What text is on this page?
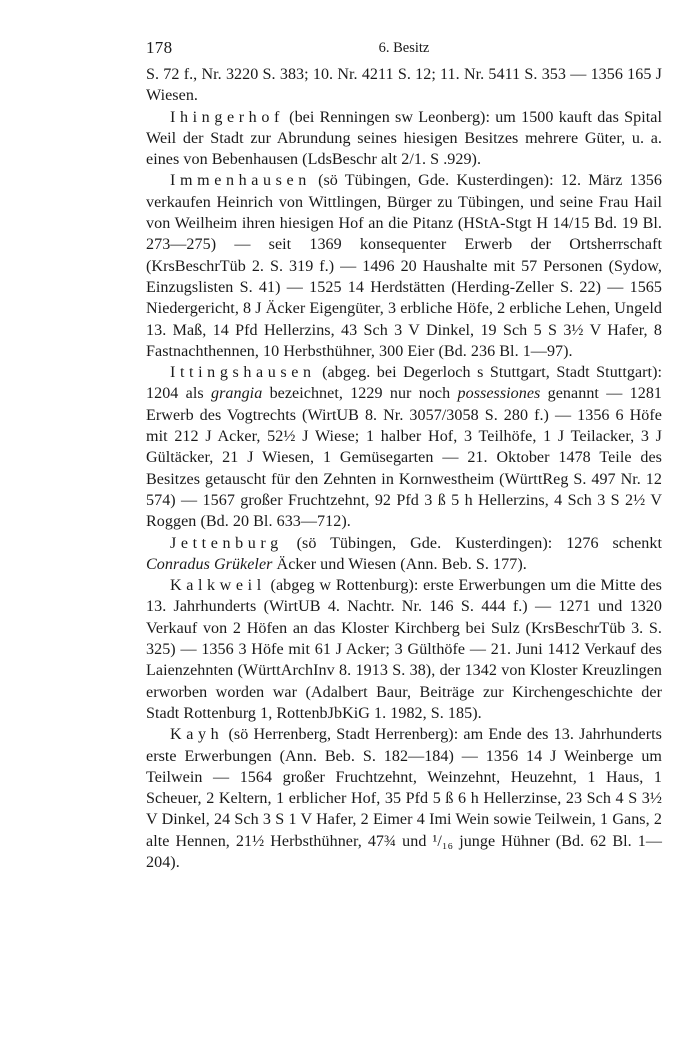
178	6. Besitz

S. 72 f., Nr. 3220 S. 383; 10. Nr. 4211 S. 12; 11. Nr. 5411 S. 353 — 1356 165 J Wiesen.

Ihingerhof (bei Renningen sw Leonberg): um 1500 kauft das Spital Weil der Stadt zur Abrundung seines hiesigen Besitzes mehrere Güter, u. a. eines von Bebenhausen (LdsBeschr alt 2/1. S .929).

Immenhausen (sö Tübingen, Gde. Kusterdingen): 12. März 1356 verkaufen Heinrich von Wittlingen, Bürger zu Tübingen, und seine Frau Hail von Weilheim ihren hiesigen Hof an die Pitanz (HStA-Stgt H 14/15 Bd. 19 Bl. 273—275) — seit 1369 konsequenter Erwerb der Ortsherrschaft (KrsBeschrTüb 2. S. 319 f.) — 1496 20 Haushalte mit 57 Personen (Sydow, Einzugslisten S. 41) — 1525 14 Herdstätten (Herding-Zeller S. 22) — 1565 Niedergericht, 8 J Äcker Eigengüter, 3 erbliche Höfe, 2 erbliche Lehen, Ungeld 13. Maß, 14 Pfd Hellerzins, 43 Sch 3 V Dinkel, 19 Sch 5 S 3½ V Hafer, 8 Fastnachthennen, 10 Herbsthühner, 300 Eier (Bd. 236 Bl. 1—97).

Ittingshausen (abgeg. bei Degerloch s Stuttgart, Stadt Stuttgart): 1204 als grangia bezeichnet, 1229 nur noch possessiones genannt — 1281 Erwerb des Vogtrechts (WirtUB 8. Nr. 3057/3058 S. 280 f.) — 1356 6 Höfe mit 212 J Acker, 52½ J Wiese; 1 halber Hof, 3 Teilhöfe, 1 J Teilacker, 3 J Gültäcker, 21 J Wiesen, 1 Gemüsegarten — 21. Oktober 1478 Teile des Besitzes getauscht für den Zehnten in Kornwestheim (WürttReg S. 497 Nr. 12 574) — 1567 großer Fruchtzehnt, 92 Pfd 3 ß 5 h Hellerzins, 4 Sch 3 S 2½ V Roggen (Bd. 20 Bl. 633—712).

Jettenburg (sö Tübingen, Gde. Kusterdingen): 1276 schenkt Conradus Grükeler Äcker und Wiesen (Ann. Beb. S. 177).

Kalkweil (abgeg w Rottenburg): erste Erwerbungen um die Mitte des 13. Jahrhunderts (WirtUB 4. Nachtr. Nr. 146 S. 444 f.) — 1271 und 1320 Verkauf von 2 Höfen an das Kloster Kirchberg bei Sulz (KrsBeschrTüb 3. S. 325) — 1356 3 Höfe mit 61 J Acker; 3 Gülthöfe — 21. Juni 1412 Verkauf des Laienzehnten (WürttArchInv 8. 1913 S. 38), der 1342 von Kloster Kreuzlingen erworben worden war (Adalbert Baur, Beiträge zur Kirchengeschichte der Stadt Rottenburg 1, RottenbJbKiG 1. 1982, S. 185).

Kayh (sö Herrenberg, Stadt Herrenberg): am Ende des 13. Jahrhunderts erste Erwerbungen (Ann. Beb. S. 182—184) — 1356 14 J Weinberge um Teilwein — 1564 großer Fruchtzehnt, Weinzehnt, Heuzehnt, 1 Haus, 1 Scheuer, 2 Keltern, 1 erblicher Hof, 35 Pfd 5 ß 6 h Hellerzinse, 23 Sch 4 S 3½ V Dinkel, 24 Sch 3 S 1 V Hafer, 2 Eimer 4 Imi Wein sowie Teilwein, 1 Gans, 2 alte Hennen, 21½ Herbsthühner, 47¾ und ¹/₁₆ junge Hühner (Bd. 62 Bl. 1—204).
